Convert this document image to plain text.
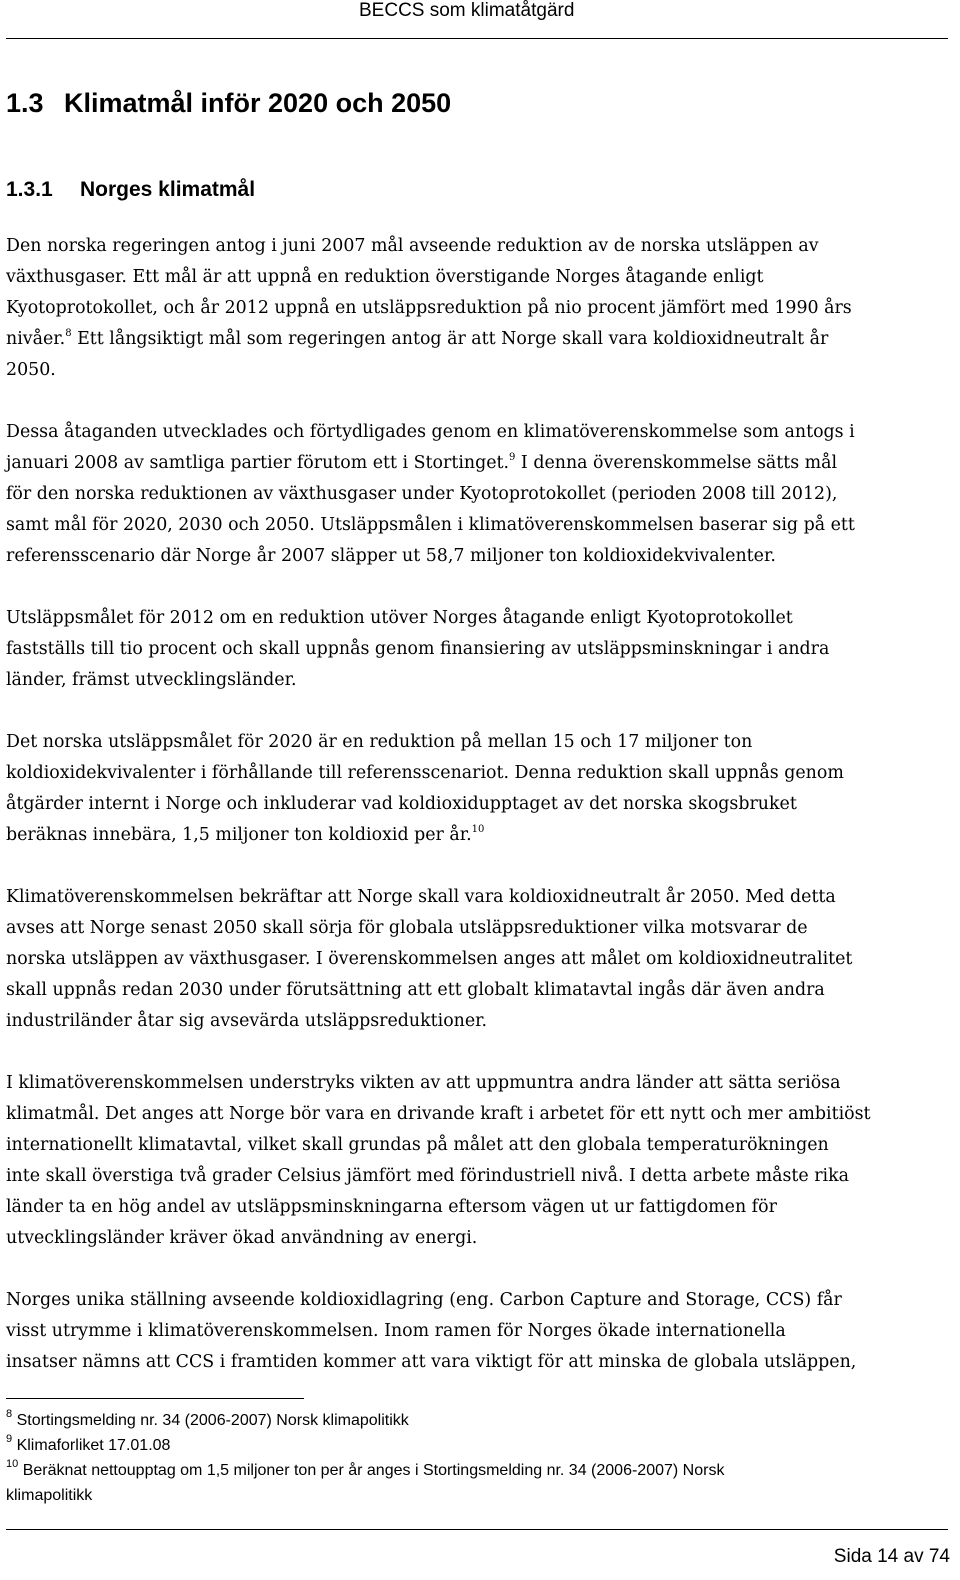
BECCS som klimatåtgärd
1.3 Klimatmål inför 2020 och 2050
1.3.1 Norges klimatmål

Den norska regeringen antog i juni 2007 mål avseende reduktion av de norska utsläppen av
växthusgaser. Ett mål är att uppnå en reduktion överstigande Norges åtagande enligt
Kyotoprotokollet, och år 2012 uppnå en utsläppsreduktion på nio procent jämfört med 1990 års
nivåer.$^8$ Ett långsiktigt mål som regeringen antog är att Norge skall vara koldioxidneutralt år
2050.

Dessa åtaganden utvecklades och förtydligades genom en klimatöverenskommelse som antogs i
januari 2008 av samtliga partier förutom ett i Stortinget.$^9$ I denna överenskommelse sätts mål
för den norska reduktionen av växthusgaser under Kyotoprotokollet (perioden 2008 till 2012),
samt mål för 2020, 2030 och 2050. Utsläppsmålen i klimatöverenskommelsen baserar sig på ett
referensscenario där Norge år 2007 släpper ut 58,7 miljoner ton koldioxidekvivalenter.

Utsläppsmålet för 2012 om en reduktion utöver Norges åtagande enligt Kyotoprotokollet
fastställs till tio procent och skall uppnås genom finansiering av utsläppsminskningar i andra
länder, främst utvecklingsländer.

Det norska utsläppsmålet för 2020 är en reduktion på mellan 15 och 17 miljoner ton
koldioxidekvivalenter i förhållande till referensscenariot. Denna reduktion skall uppnås genom
åtgärder internt i Norge och inkluderar vad koldioxidupptaget av det norska skogsbruket
beräknas innebära, 1,5 miljoner ton koldioxid per år.$^{10}$

Klimatöverenskommelsen bekräftar att Norge skall vara koldioxidneutralt år 2050. Med detta
avses att Norge senast 2050 skall sörja för globala utsläppsreduktioner vilka motsvarar de
norska utsläppen av växthusgaser. I överenskommelsen anges att målet om koldioxidneutralitet
skall uppnås redan 2030 under förutsättning att ett globalt klimatavtal ingås där även andra
industriländer åtar sig avsevärda utsläppsreduktioner.

I klimatöverenskommelsen understryks vikten av att uppmuntra andra länder att sätta seriösa
klimatmål. Det anges att Norge bör vara en drivande kraft i arbetet för ett nytt och mer ambitiöst
internationellt klimatavtal, vilket skall grundas på målet att den globala temperaturökningen
inte skall överstiga två grader Celsius jämfört med förindustriell nivå. I detta arbete måste rika
länder ta en hög andel av utsläppsminskningarna eftersom vägen ut ur fattigdomen för
utvecklingsländer kräver ökad användning av energi.

Norges unika ställning avseende koldioxidlagring (eng. Carbon Capture and Storage, CCS) får
visst utrymme i klimatöverenskommelsen. Inom ramen för Norges ökade internationella
insatser nämns att CCS i framtiden kommer att vara viktigt för att minska de globala utsläppen,

$^8$ Stortingsmelding nr. 34 (2006-2007) Norsk klimapolitikk
$^9$ Klimaforliket 17.01.08
$^{10}$ Beräknat nettoupptag om 1,5 miljoner ton per år anges i Stortingsmelding nr. 34 (2006-2007) Norsk
klimapolitikk
Sida 14 av 74
